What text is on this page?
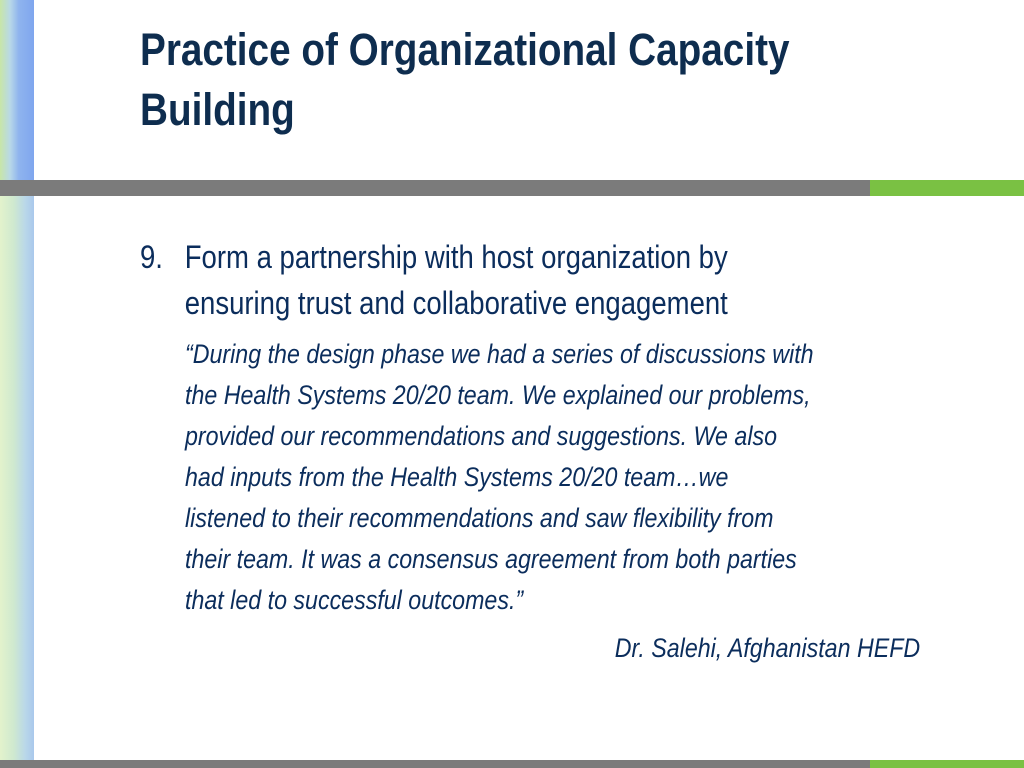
Practice of Organizational Capacity
Building
9. Form a partnership with host organization by
ensuring trust and collaborative engagement
“During the design phase we had a series of discussions with
the Health Systems 20/20 team. We explained our problems,
provided our recommendations and suggestions. We also
had inputs from the Health Systems 20/20 team…we
listened to their recommendations and saw flexibility from
their team. It was a consensus agreement from both parties
that led to successful outcomes.”
Dr. Salehi, Afghanistan HEFD
